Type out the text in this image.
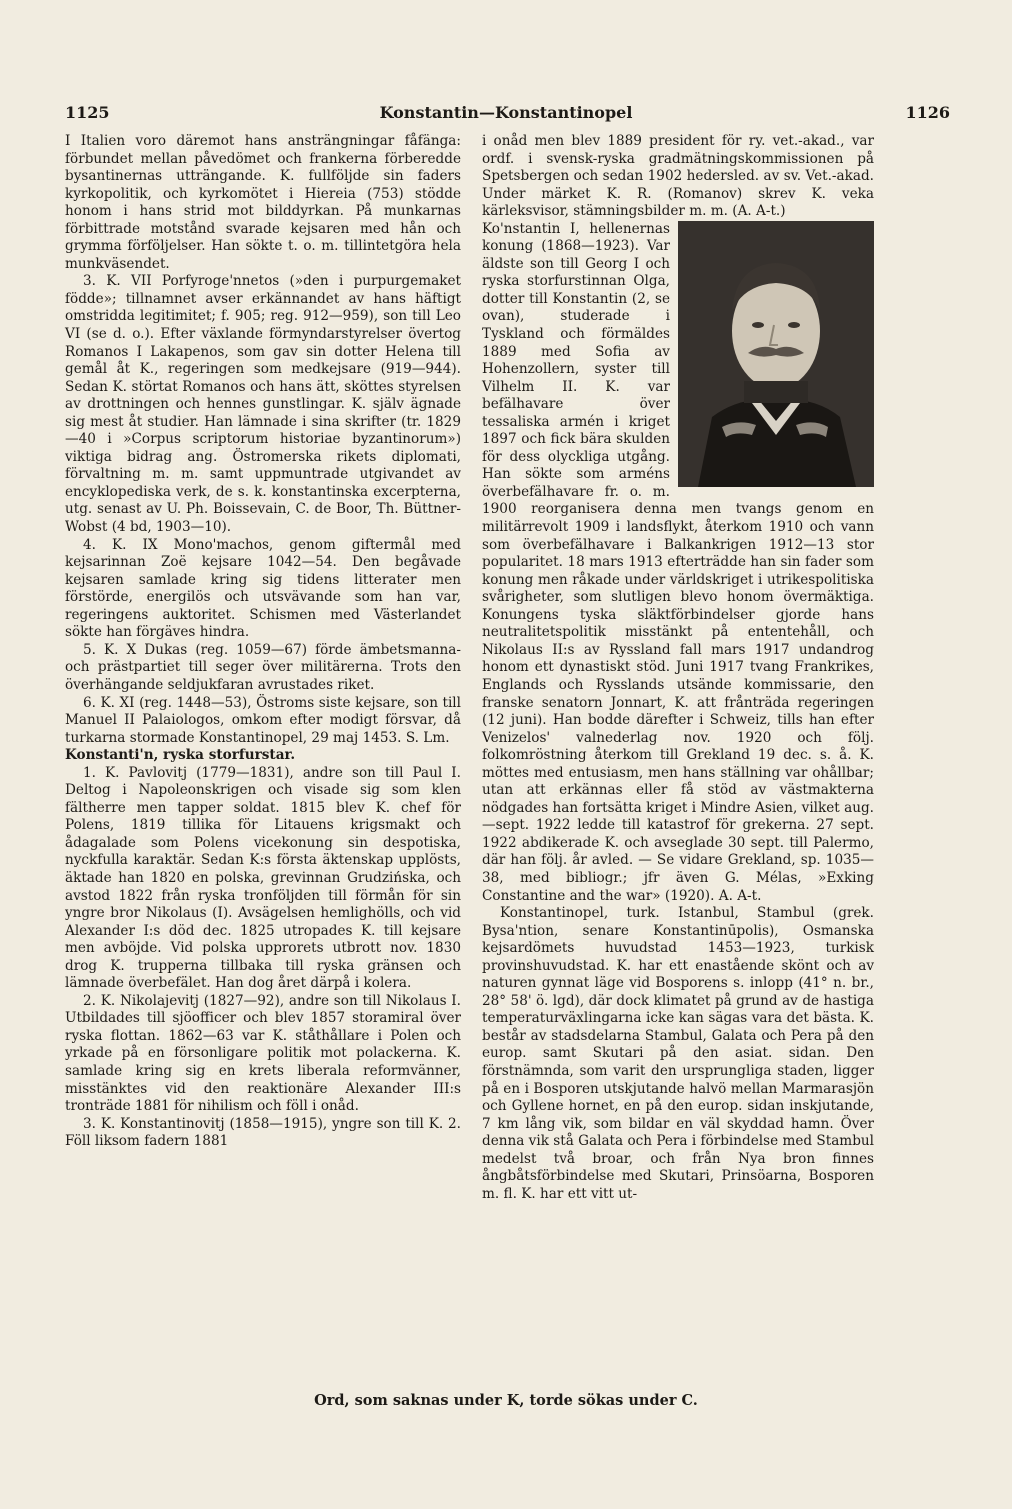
1125	Konstantin—Konstantinopel	1126

I Italien voro däremot hans ansträngningar fåfänga: förbundet mellan påvedömet och frankerna förberedde bysantinernas utträngande. K. fullföljde sin faders kyrkopolitik, och kyrkomötet i Hiereia (753) stödde honom i hans strid mot bilddyrkan. På munkarnas förbittrade motstånd svarade kejsaren med hån och grymma förföljelser. Han sökte t. o. m. tillintetgöra hela munkväsendet.

3. K. VII Porfyroge'nnetos (»den i purpurgemaket födde»; tillnamnet avser erkännandet av hans häftigt omstridda legitimitet; f. 905; reg. 912—959), son till Leo VI (se d. o.). Efter växlande förmyndarstyrelser övertog Romanos I Lakapenos, som gav sin dotter Helena till gemål åt K., regeringen som medkejsare (919—944). Sedan K. störtat Romanos och hans ätt, sköttes styrelsen av drottningen och hennes gunstlingar. K. själv ägnade sig mest åt studier. Han lämnade i sina skrifter (tr. 1829—40 i »Corpus scriptorum historiae byzantinorum») viktiga bidrag ang. Östromerska rikets diplomati, förvaltning m. m. samt uppmuntrade utgivandet av encyklopediska verk, de s. k. konstantinska excerpterna, utg. senast av U. Ph. Boissevain, C. de Boor, Th. Büttner-Wobst (4 bd, 1903—10).

4. K. IX Mono'machos, genom giftermål med kejsarinnan Zoë kejsare 1042—54. Den begåvade kejsaren samlade kring sig tidens litterater men förstörde, energilös och utsvävande som han var, regeringens auktoritet. Schismen med Västerlandet sökte han förgäves hindra.

5. K. X Dukas (reg. 1059—67) förde ämbetsmanna- och prästpartiet till seger över militärerna. Trots den överhängande seldjukfaran avrustades riket.

6. K. XI (reg. 1448—53), Östroms siste kejsare, son till Manuel II Palaiologos, omkom efter modigt försvar, då turkarna stormade Konstantinopel, 29 maj 1453. S. Lm.

Konstanti'n, ryska storfurstar.

1. K. Pavlovitj (1779—1831), andre son till Paul I. Deltog i Napoleonskrigen och visade sig som klen fältherre men tapper soldat. 1815 blev K. chef för Polens, 1819 tillika för Litauens krigsmakt och ådagalade som Polens vicekonung sin despotiska, nyckfulla karaktär. Sedan K:s första äktenskap upplösts, äktade han 1820 en polska, grevinnan Grudzińska, och avstod 1822 från ryska tronföljden till förmån för sin yngre bror Nikolaus (I). Avsägelsen hemlighölls, och vid Alexander I:s död dec. 1825 utropades K. till kejsare men avböjde. Vid polska upprorets utbrott nov. 1830 drog K. trupperna tillbaka till ryska gränsen och lämnade överbefälet. Han dog året därpå i kolera.

2. K. Nikolajevitj (1827—92), andre son till Nikolaus I. Utbildades till sjöofficer och blev 1857 storamiral över ryska flottan. 1862—63 var K. ståthållare i Polen och yrkade på en försonligare politik mot polackerna. K. samlade kring sig en krets liberala reformvänner, misstänktes vid den reaktionäre Alexander III:s tronträde 1881 för nihilism och föll i onåd.

3. K. Konstantinovitj (1858—1915), yngre son till K. 2. Föll liksom fadern 1881

i onåd men blev 1889 president för ry. vet.-akad., var ordf. i svensk-ryska gradmätningskommissionen på Spetsbergen och sedan 1902 hedersled. av sv. Vet.-akad. Under märket K. R. (Romanov) skrev K. veka kärleksvisor, stämningsbilder m. m. (A. A-t.)

Ko'nstantin I, hellenernas konung (1868—1923). Var äldste son till Georg I och ryska storfurstinnan Olga, dotter till Konstantin (2, se ovan), studerade i Tyskland och förmäldes 1889 med Sofia av Hohenzollern, syster till Vilhelm II. K. var befälhavare över tessaliska armén i kriget 1897 och fick bära skulden för dess olyckliga utgång. Han sökte som arméns överbefälhavare fr. o. m. 1900 reorganisera denna men tvangs genom en militärrevolt 1909 i landsflykt, återkom 1910 och vann som överbefälhavare i Balkankrigen 1912—13 stor popularitet. 18 mars 1913 efterträdde han sin fader som konung men råkade under världskriget i utrikespolitiska svårigheter, som slutligen blevo honom övermäktiga. Konungens tyska släktförbindelser gjorde hans neutralitetspolitik misstänkt på ententehåll, och Nikolaus II:s av Ryssland fall mars 1917 undandrog honom ett dynastiskt stöd. Juni 1917 tvang Frankrikes, Englands och Rysslands utsände kommissarie, den franske senatorn Jonnart, K. att frånträda regeringen (12 juni). Han bodde därefter i Schweiz, tills han efter Venizelos' valnederlag nov. 1920 och följ. folkomröstning återkom till Grekland 19 dec. s. å. K. möttes med entusiasm, men hans ställning var ohållbar; utan att erkännas eller få stöd av västmakterna nödgades han fortsätta kriget i Mindre Asien, vilket aug.—sept. 1922 ledde till katastrof för grekerna. 27 sept. 1922 abdikerade K. och avseglade 30 sept. till Palermo, där han följ. år avled. — Se vidare Grekland, sp. 1035—38, med bibliogr.; jfr även G. Mélas, »Exking Constantine and the war» (1920). A. A-t.

Konstantinopel, turk. Istanbul, Stambul (grek. Bysa'ntion, senare Konstantinūpolis), Osmanska kejsardömets huvudstad 1453—1923, turkisk provinshuvudstad. K. har ett enastående skönt och av naturen gynnat läge vid Bosporens s. inlopp (41° n. br., 28° 58' ö. lgd), där dock klimatet på grund av de hastiga temperaturväxlingarna icke kan sägas vara det bästa. K. består av stadsdelarna Stambul, Galata och Pera på den europ. samt Skutari på den asiat. sidan. Den förstnämnda, som varit den ursprungliga staden, ligger på en i Bosporen utskjutande halvö mellan Marmarasjön och Gyllene hornet, en på den europ. sidan inskjutande, 7 km lång vik, som bildar en väl skyddad hamn. Över denna vik stå Galata och Pera i förbindelse med Stambul medelst två broar, och från Nya bron finnes ångbåtsförbindelse med Skutari, Prinsöarna, Bosporen m. fl. K. har ett vitt ut-

Ord, som saknas under K, torde sökas under C.
